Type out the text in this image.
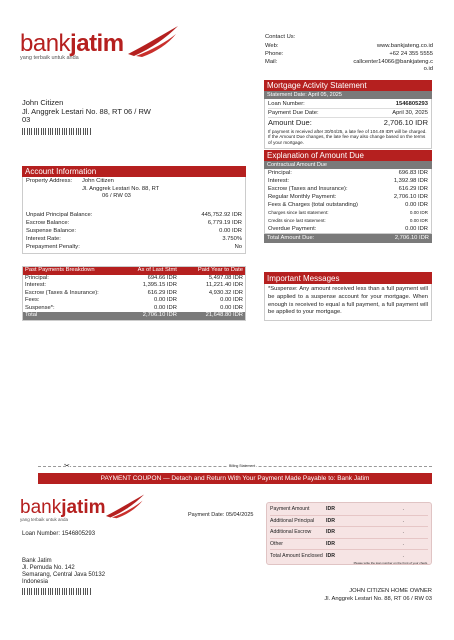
bankjatim
yang terbaik untuk anda
Contact Us:
Web:	www.bankjateng.co.id
Phone:	+62 24 355 5555
Mail:	callcenter14066@bankjateng.c
o.id
John Citizen
Jl. Anggrek Lestari No. 88, RT 06 / RW
03
Mortgage Activity Statement
Statement Date: April 05, 2025
Loan Number:	1546805293
Payment Due Date:	April 30, 2025
Amount Due:	2,706.10 IDR
If payment is received after 30/04/25, a late fee of 104.49 IDR will be charged. If the Amount Due changes, the late fee may also change based on the terms of your mortgage.
Explanation of Amount Due
Contractual Amount Due
Principal:	696.83 IDR
Interest:	1,392.98 IDR
Escrow (Taxes and Insurance):	616.29 IDR
Regular Monthly Payment:	2,706.10 IDR
Fees & Charges (total outstanding)	0.00 IDR
Charges since last statement:	0.00 IDR
Credits since last statement:	0.00 IDR
Overdue Payment:	0.00 IDR
Total Amount Due:	2,706.10 IDR
Account Information
Property Address:	John Citizen
Jl. Anggrek Lestari No. 88, RT
06 / RW 03
Unpaid Principal Balance:	445,752.92 IDR
Escrow Balance:	6,779.19 IDR
Suspense Balance:	0.00 IDR
Interest Rate:	3.750%
Prepayment Penalty:	No
Past Payments Breakdown	As of Last Stmt	Paid Year to Date
Principal:	694.66 IDR	5,497.08 IDR
Interest:	1,395.15 IDR	11,221.40 IDR
Escrow (Taxes & Insurance):	616.29 IDR	4,930.32 IDR
Fees:	0.00 IDR	0.00 IDR
Suspense*:	0.00 IDR	0.00 IDR
Total	2,706.10 IDR	21,648.80 IDR
Important Messages
*Suspense: Any amount received less than a full payment will be applied to a suspense account for your mortgage. When enough is received to equal a full payment, a full payment will be applied to your mortgage.
✂	Billing Statement
PAYMENT COUPON — Detach and Return With Your Payment Made Payable to: Bank Jatim
bankjatim
yang terbaik untuk anda
Loan Number: 1546805293
Payment Date: 05/04/2025
Bank Jatim
Jl. Pemuda No. 142
Semarang, Central Java 50132
Indonesia
Payment Amount	IDR	.
Additional Principal	IDR	.
Additional Escrow	IDR	.
Other	IDR	.
Total Amount Enclosed IDR	.
Please write the loan number on the front of your check.
JOHN CITIZEN HOME OWNER
Jl. Anggrek Lestari No. 88, RT 06 / RW 03
